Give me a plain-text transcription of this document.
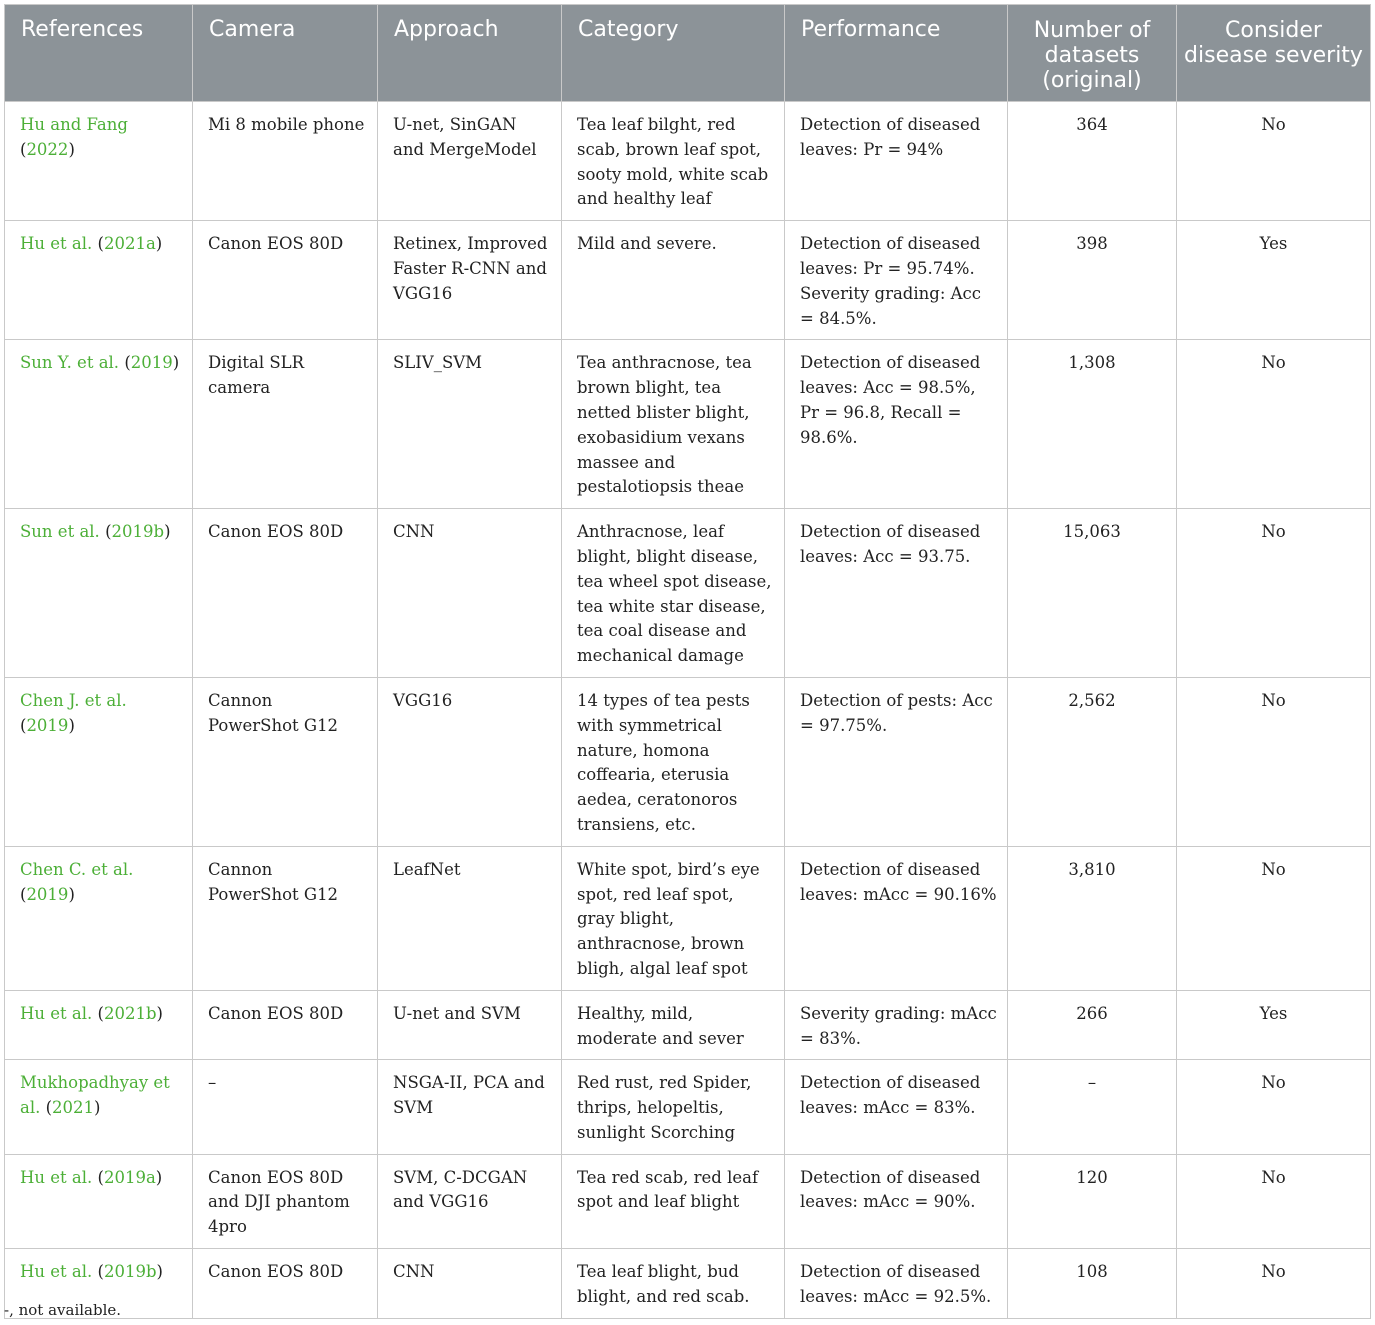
References	Camera	Approach	Category	Performance	Number of datasets (original)	Consider disease severity
Hu and Fang (2022)	Mi 8 mobile phone	U-net, SinGAN and MergeModel	Tea leaf bilght, red scab, brown leaf spot, sooty mold, white scab and healthy leaf	Detection of diseased leaves: Pr = 94%	364	No
Hu et al. (2021a)	Canon EOS 80D	Retinex, Improved Faster R-CNN and VGG16	Mild and severe.	Detection of diseased leaves: Pr = 95.74%. Severity grading: Acc = 84.5%.	398	Yes
Sun Y. et al. (2019)	Digital SLR camera	SLIV_SVM	Tea anthracnose, tea brown blight, tea netted blister blight, exobasidium vexans massee and pestalotiopsis theae	Detection of diseased leaves: Acc = 98.5%, Pr = 96.8, Recall = 98.6%.	1,308	No
Sun et al. (2019b)	Canon EOS 80D	CNN	Anthracnose, leaf blight, blight disease, tea wheel spot disease, tea white star disease, tea coal disease and mechanical damage	Detection of diseased leaves: Acc = 93.75.	15,063	No
Chen J. et al. (2019)	Cannon PowerShot G12	VGG16	14 types of tea pests with symmetrical nature, homona coffearia, eterusia aedea, ceratonoros transiens, etc.	Detection of pests: Acc = 97.75%.	2,562	No
Chen C. et al. (2019)	Cannon PowerShot G12	LeafNet	White spot, bird’s eye spot, red leaf spot, gray blight, anthracnose, brown bligh, algal leaf spot	Detection of diseased leaves: mAcc = 90.16%	3,810	No
Hu et al. (2021b)	Canon EOS 80D	U-net and SVM	Healthy, mild, moderate and sever	Severity grading: mAcc = 83%.	266	Yes
Mukhopadhyay et al. (2021)	–	NSGA-II, PCA and SVM	Red rust, red Spider, thrips, helopeltis, sunlight Scorching	Detection of diseased leaves: mAcc = 83%.	–	No
Hu et al. (2019a)	Canon EOS 80D and DJI phantom 4pro	SVM, C-DCGAN and VGG16	Tea red scab, red leaf spot and leaf blight	Detection of diseased leaves: mAcc = 90%.	120	No
Hu et al. (2019b)	Canon EOS 80D	CNN	Tea leaf blight, bud blight, and red scab.	Detection of diseased leaves: mAcc = 92.5%.	108	No
-, not available.
